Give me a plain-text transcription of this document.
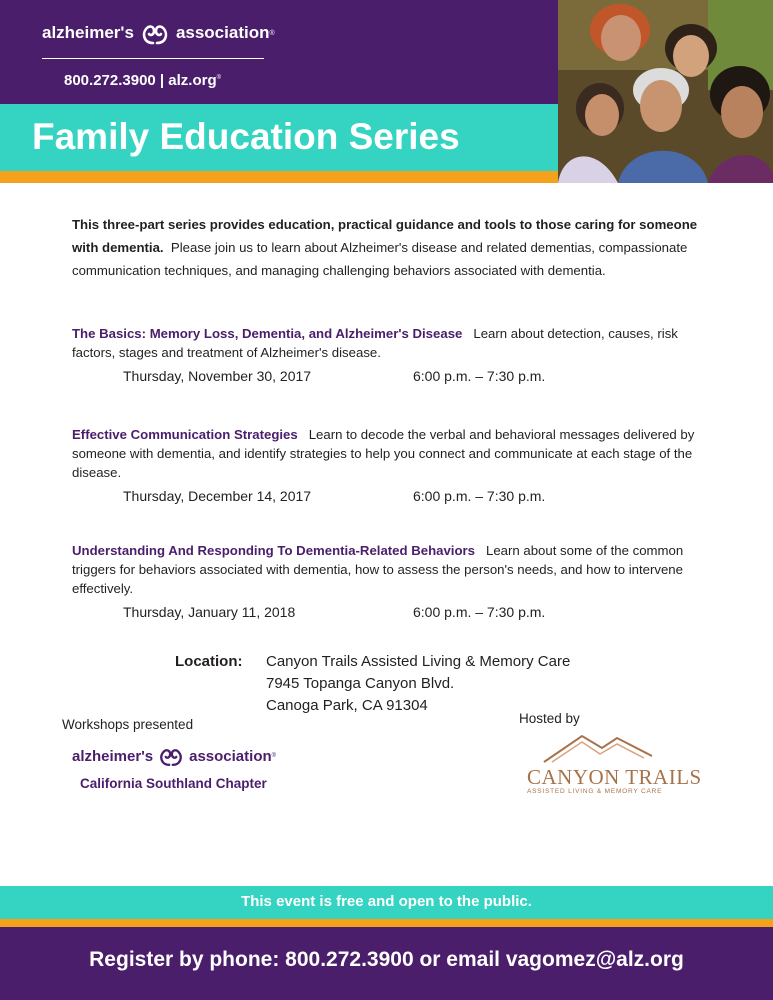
alzheimer's association ®
800.272.3900 | alz.org®
Family Education Series
This three-part series provides education, practical guidance and tools to those caring for someone with dementia. Please join us to learn about Alzheimer's disease and related dementias, compassionate communication techniques, and managing challenging behaviors associated with dementia.
The Basics: Memory Loss, Dementia, and Alzheimer's Disease Learn about detection, causes, risk factors, stages and treatment of Alzheimer's disease.
Thursday, November 30, 2017	6:00 p.m. – 7:30 p.m.
Effective Communication Strategies Learn to decode the verbal and behavioral messages delivered by someone with dementia, and identify strategies to help you connect and communicate at each stage of the disease.
Thursday, December 14, 2017	6:00 p.m. – 7:30 p.m.
Understanding And Responding To Dementia-Related Behaviors Learn about some of the common triggers for behaviors associated with dementia, how to assess the person's needs, and how to intervene effectively.
Thursday, January 11, 2018	6:00 p.m. – 7:30 p.m.
Location: Canyon Trails Assisted Living & Memory Care
7945 Topanga Canyon Blvd.
Canoga Park, CA 91304
Workshops presented
alzheimer's association ®
California Southland Chapter
Hosted by
CANYON TRAILS
ASSISTED LIVING & MEMORY CARE
This event is free and open to the public.
Register by phone: 800.272.3900 or email vagomez@alz.org
